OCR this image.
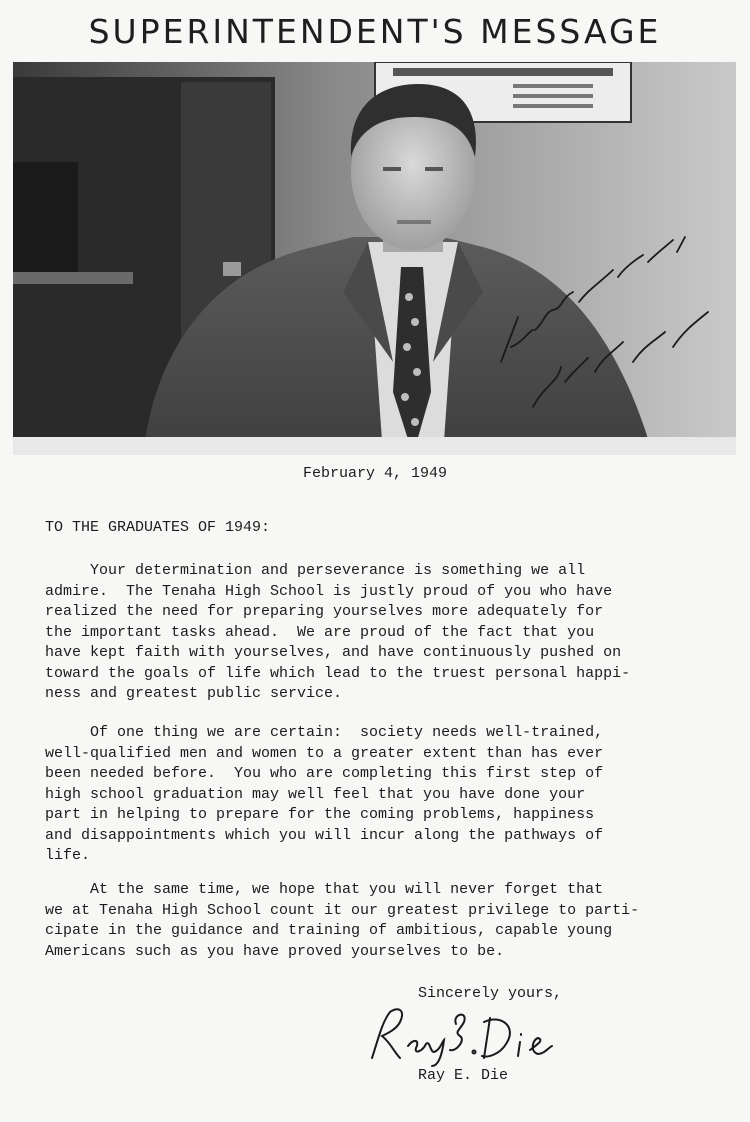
SUPERINTENDENT'S MESSAGE
February 4, 1949
TO THE GRADUATES OF 1949:
Your determination and perseverance is something we all
admire.  The Tenaha High School is justly proud of you who have
realized the need for preparing yourselves more adequately for
the important tasks ahead.  We are proud of the fact that you
have kept faith with yourselves, and have continuously pushed on
toward the goals of life which lead to the truest personal happi-
ness and greatest public service.
Of one thing we are certain:  society needs well-trained,
well-qualified men and women to a greater extent than has ever
been needed before.  You who are completing this first step of
high school graduation may well feel that you have done your
part in helping to prepare for the coming problems, happiness
and disappointments which you will incur along the pathways of
life.
At the same time, we hope that you will never forget that
we at Tenaha High School count it our greatest privilege to parti-
cipate in the guidance and training of ambitious, capable young
Americans such as you have proved yourselves to be.
Sincerely yours,
Ray E. Die
